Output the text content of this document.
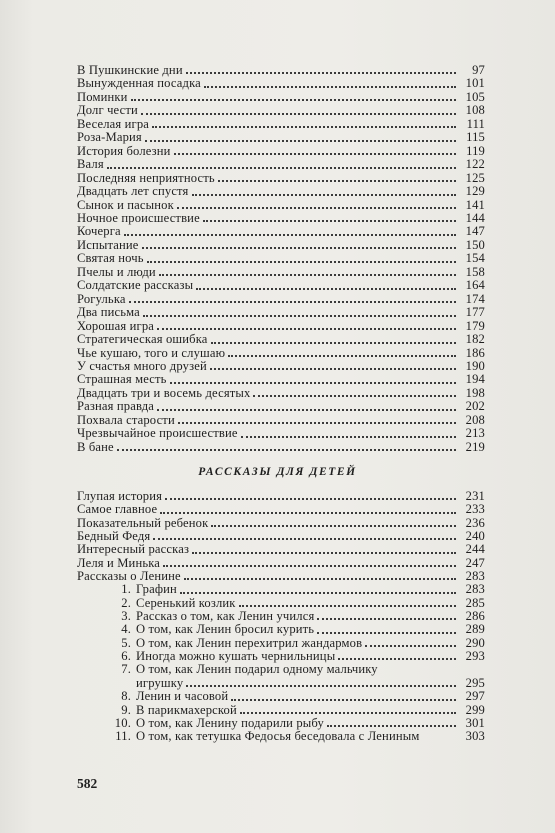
В Пушкинские дни	97
Вынужденная посадка	101
Поминки	105
Долг чести	108
Веселая игра	111
Роза-Мария	115
История болезни	119
Валя	122
Последняя неприятность	125
Двадцать лет спустя	129
Сынок и пасынок	141
Ночное происшествие	144
Кочерга	147
Испытание	150
Святая ночь	154
Пчелы и люди	158
Солдатские рассказы	164
Рогулька	174
Два письма	177
Хорошая игра	179
Стратегическая ошибка	182
Чье кушаю, того и слушаю	186
У счастья много друзей	190
Страшная месть	194
Двадцать три и восемь десятых	198
Разная правда	202
Похвала старости	208
Чрезвычайное происшествие	213
В бане	219
РАССКАЗЫ ДЛЯ ДЕТЕЙ
Глупая история	231
Самое главное	233
Показательный ребенок	236
Бедный Федя	240
Интересный рассказ	244
Леля и Минька	247
Рассказы о Ленине	283
1. Графин	283
2. Серенький козлик	285
3. Рассказ о том, как Ленин учился	286
4. О том, как Ленин бросил курить	289
5. О том, как Ленин перехитрил жандармов	290
6. Иногда можно кушать чернильницы	293
7. О том, как Ленин подарил одному мальчику
игрушку	295
8. Ленин и часовой	297
9. В парикмахерской	299
10. О том, как Ленину подарили рыбу	301
11. О том, как тетушка Федосья беседовала с Лениным	303
582
